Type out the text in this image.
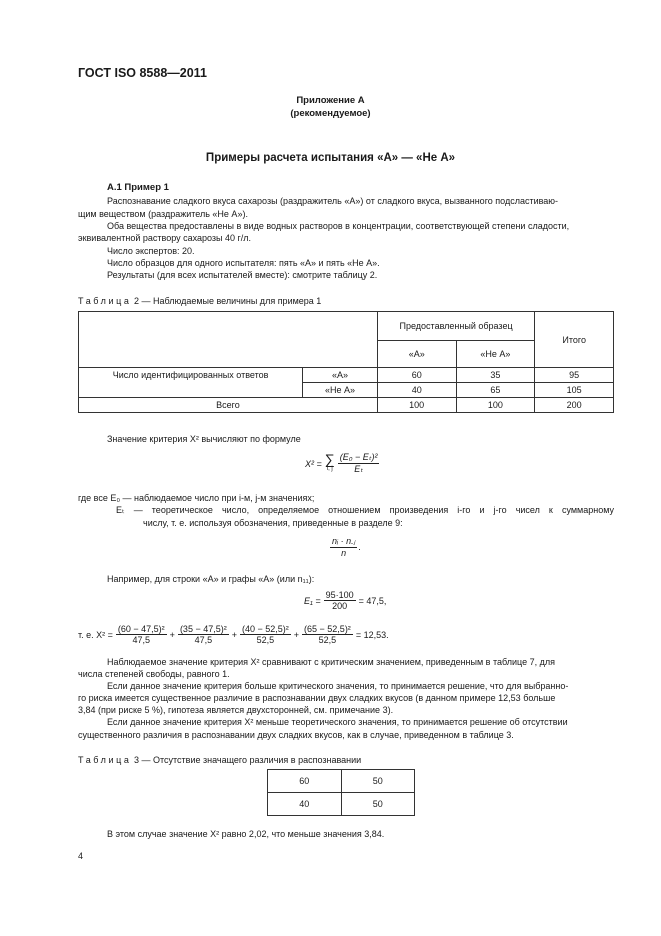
ГОСТ ISO 8588—2011
Приложение А
(рекомендуемое)
Примеры расчета испытания «А» — «Не А»
А.1 Пример 1
Распознавание сладкого вкуса сахарозы (раздражитель «А») от сладкого вкуса, вызванного подсластиваю-
щим веществом (раздражитель «Не А»).
Оба вещества предоставлены в виде водных растворов в концентрации, соответствующей степени сладости,
эквивалентной раствору сахарозы 40 г/л.
Число экспертов: 20.
Число образцов для одного испытателя: пять «А» и пять «Не А».
Результаты (для всех испытателей вместе): смотрите таблицу 2.
Таблица 2 — Наблюдаемые величины для примера 1
		Предоставленный образец		Итого
		«А»	«Не А»	
Число идентифицированных ответов	«А»	60	35	95
	«Не А»	40	65	105
Всего		100	100	200
Значение критерия X² вычисляют по формуле
X² = ∑
i, j $\frac{\text{(E₀ − Eₜ)²}}{\text{Eₜ}}$
где все E₀ — наблюдаемое число при i-м, j-м значениях;
Eₜ — теоретическое число, определяемое отношением произведения i-го и j-го чисел к суммарному
числу, т. е. используя обозначения, приведенные в разделе 9:
$\frac{\text{nᵢ · n.ⱼ}}{n}$ .
Например, для строки «А» и графы «А» (или n₁₁):
$E_1 = \frac{95\cdot 100}{200} = 47,5$,
т. е. $X^2 = \frac{\text{(60 − 47,5)²}}{47,5} + \frac{\text{(35 − 47,5)²}}{47,5} + \frac{\text{(40 − 52,5)²}}{52,5} + \frac{\text{(65 − 52,5)²}}{52,5} = 12,53$.
Наблюдаемое значение критерия X² сравнивают с критическим значением, приведенным в таблице 7, для
числа степеней свободы, равного 1.
Если данное значение критерия больше критического значения, то принимается решение, что для выбранно-
го риска имеется существенное различие в распознавании двух сладких вкусов (в данном примере 12,53 больше
3,84 (при риске 5 %), гипотеза является двухсторонней, см. примечание 3).
Если данное значение критерия X² меньше теоретического значения, то принимается решение об отсутствии
существенного различия в распознавании двух сладких вкусов, как в случае, приведенном в таблице 3.
Таблица 3 — Отсутствие значащего различия в распознавании
60	50
40	50
В этом случае значение X² равно 2,02, что меньше значения 3,84.
4
